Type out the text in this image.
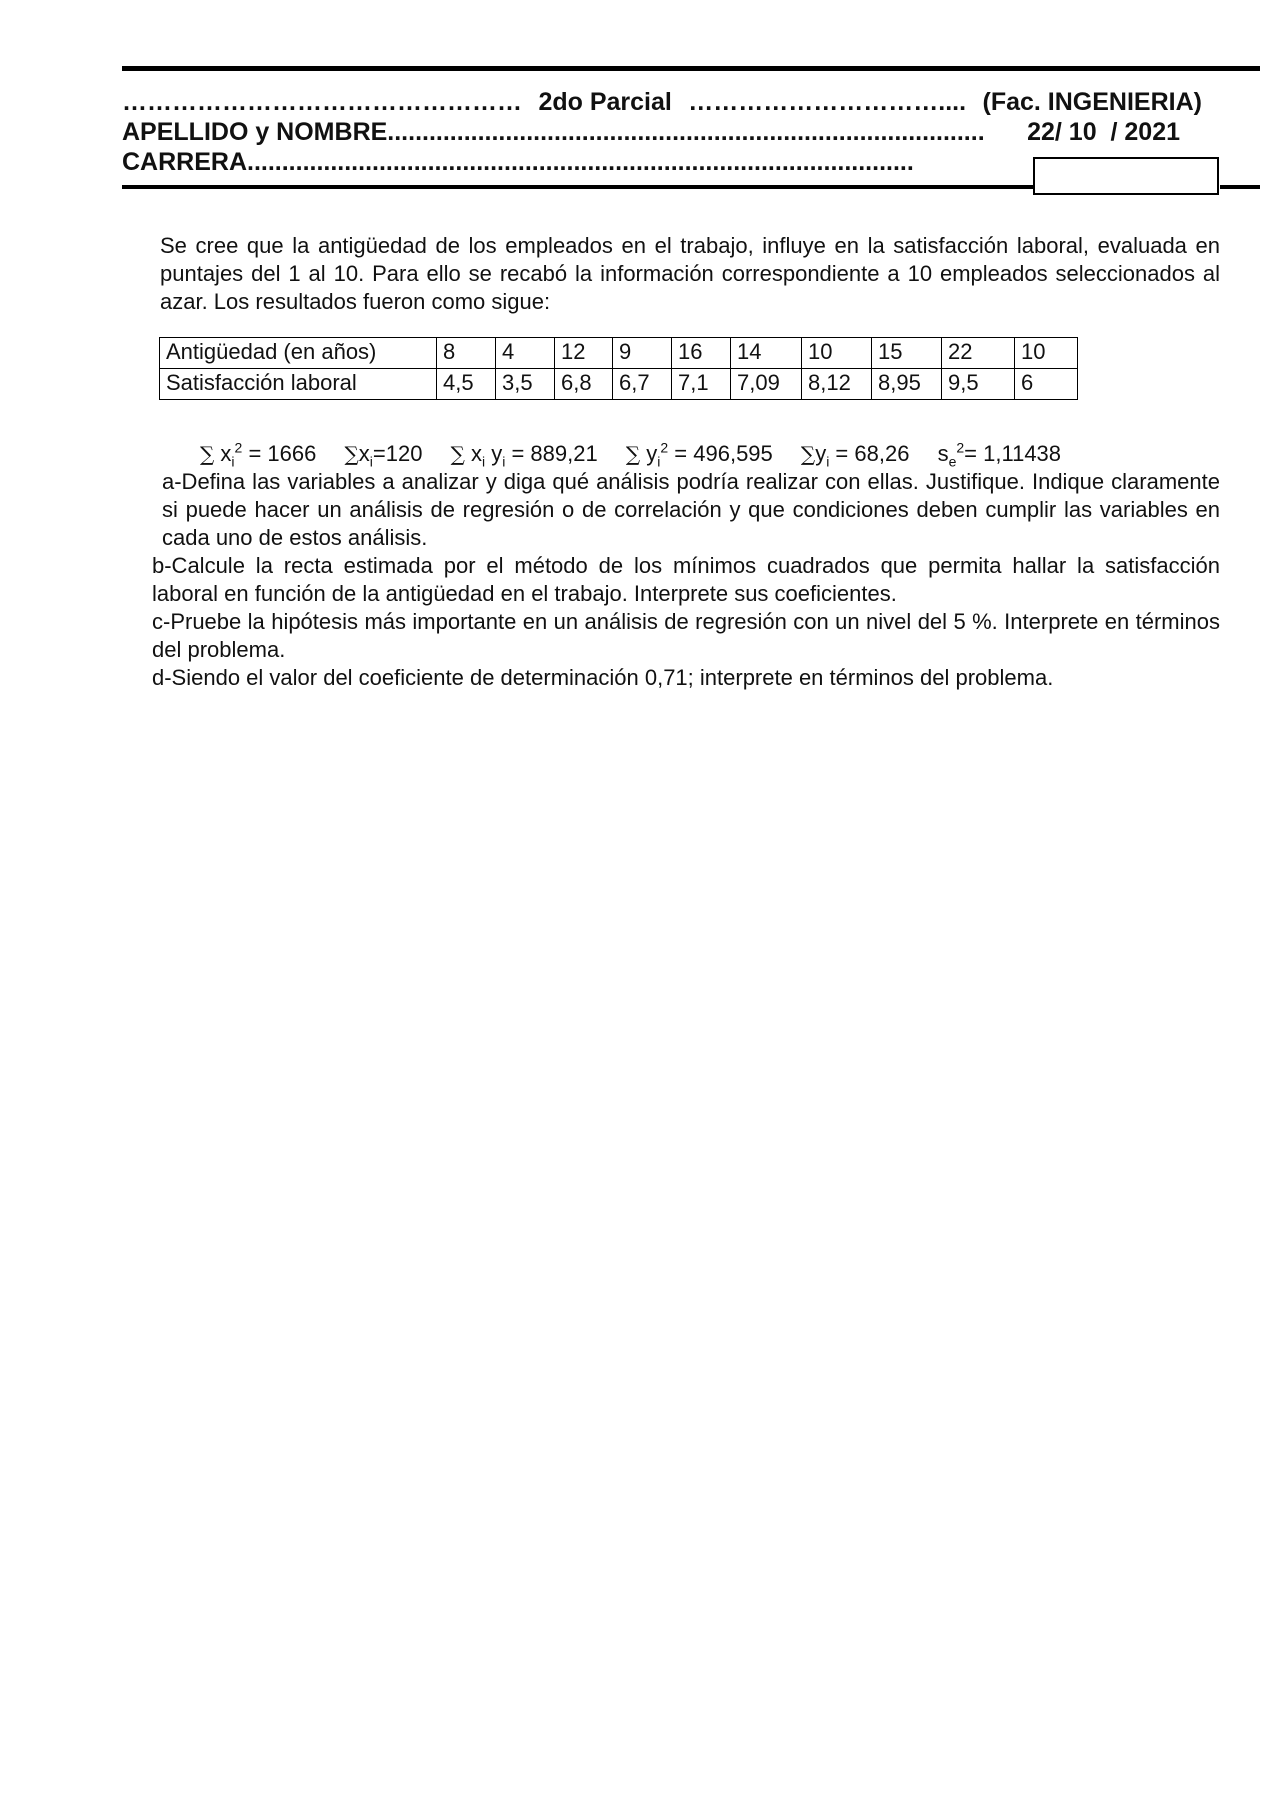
………………………………………… 2do Parcial ………………………….... (Fac. INGENIERIA)
APELLIDO y NOMBRE...................................................................................... 22/ 10  / 2021
CARRERA................................................................................................
Se cree que la antigüedad de los empleados en el trabajo, influye en la satisfacción laboral, evaluada en puntajes del 1 al 10. Para ello se recabó la información correspondiente a 10 empleados seleccionados al azar. Los resultados fueron como sigue:
Antigüedad (en años)	8	4	12	9	16	14	10	15	22	10
Satisfacción laboral	4,5	3,5	6,8	6,7	7,1	7,09	8,12	8,95	9,5	6
∑ $x_i^2 = 1666$ $\sum x_i=120$ ∑ $x_i$ $y_i = 889,21$ ∑ $y_i^2 = 496,595$ $\sum y_i = 68,26$ $s_e^2= 1,11438$
a-Defina las variables a analizar y diga qué análisis podría realizar con ellas. Justifique. Indique claramente si puede hacer un análisis de regresión o de correlación y que condiciones deben cumplir las variables en cada uno de estos análisis.
b-Calcule la recta estimada por el método de los mínimos cuadrados que permita hallar la satisfacción laboral en función de la antigüedad en el trabajo. Interprete sus coeficientes.
c-Pruebe la hipótesis más importante en un análisis de regresión con un nivel del 5 %. Interprete en términos del problema.
d-Siendo el valor del coeficiente de determinación 0,71; interprete en términos del problema.
